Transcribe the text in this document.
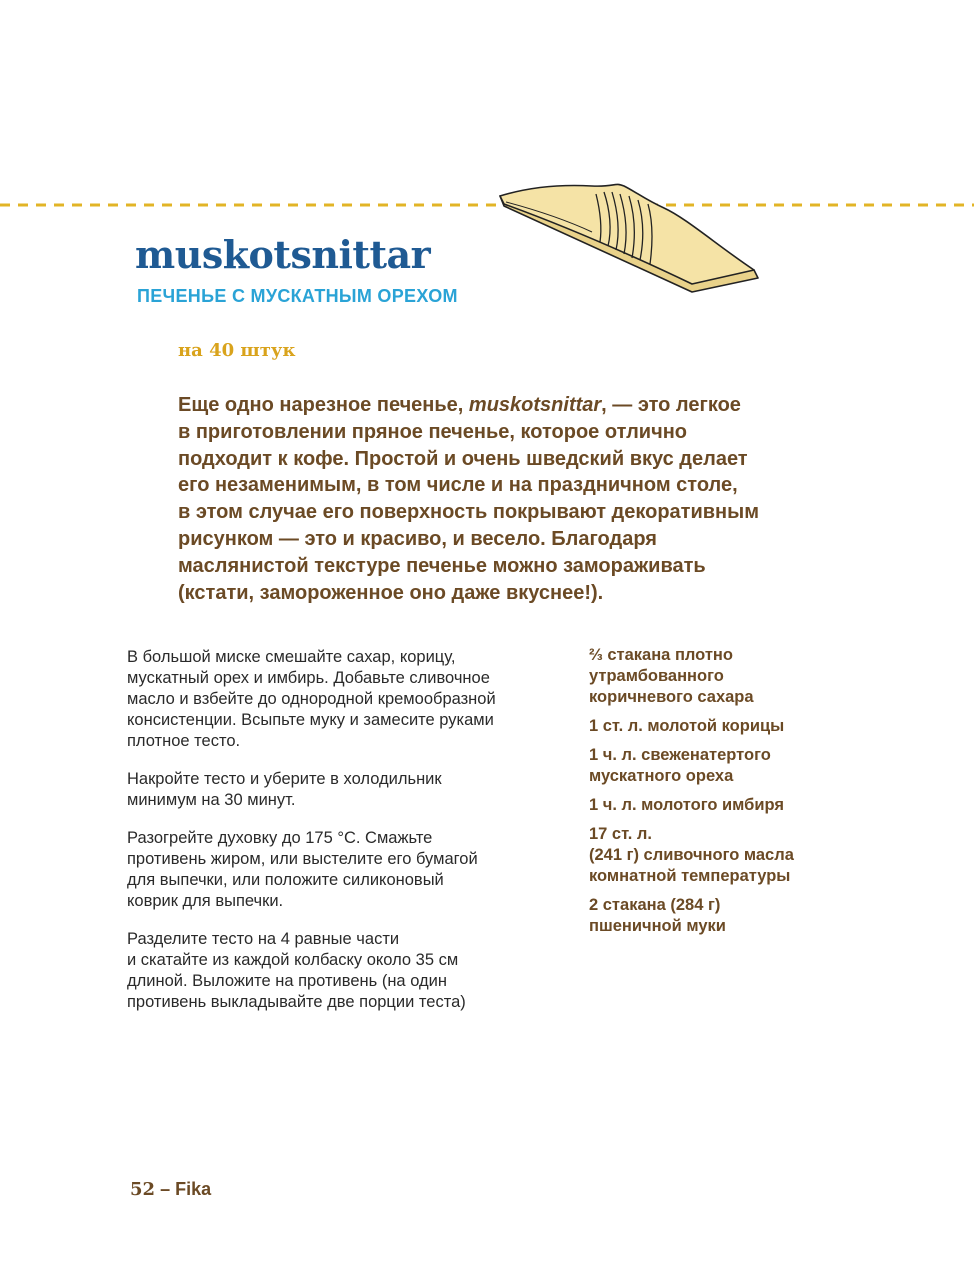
muskotsnittar
ПЕЧЕНЬЕ С МУСКАТНЫМ ОРЕХОМ

на 40 штук

Еще одно нарезное печенье, muskotsnittar, — это легкое
в приготовлении пряное печенье, которое отлично
подходит к кофе. Простой и очень шведский вкус делает
его незаменимым, в том числе и на праздничном столе,
в этом случае его поверхность покрывают декоративным
рисунком — это и красиво, и весело. Благодаря
маслянистой текстуре печенье можно замораживать
(кстати, замороженное оно даже вкуснее!).

В большой миске смешайте сахар, корицу,
мускатный орех и имбирь. Добавьте сливочное
масло и взбейте до однородной кремообразной
консистенции. Всыпьте муку и замесите руками
плотное тесто.

Накройте тесто и уберите в холодильник
минимум на 30 минут.

Разогрейте духовку до 175 °С. Смажьте
противень жиром, или выстелите его бумагой
для выпечки, или положите силиконовый
коврик для выпечки.

Разделите тесто на 4 равные части
и скатайте из каждой колбаску около 35 см
длиной. Выложите на противень (на один
противень выкладывайте две порции теста)

⅔ стакана плотно
утрамбованного
коричневого сахара
1 ст. л. молотой корицы
1 ч. л. свеженатертого
мускатного ореха
1 ч. л. молотого имбиря
17 ст. л.
(241 г) сливочного масла
комнатной температуры
2 стакана (284 г)
пшеничной муки

52 – Fika
